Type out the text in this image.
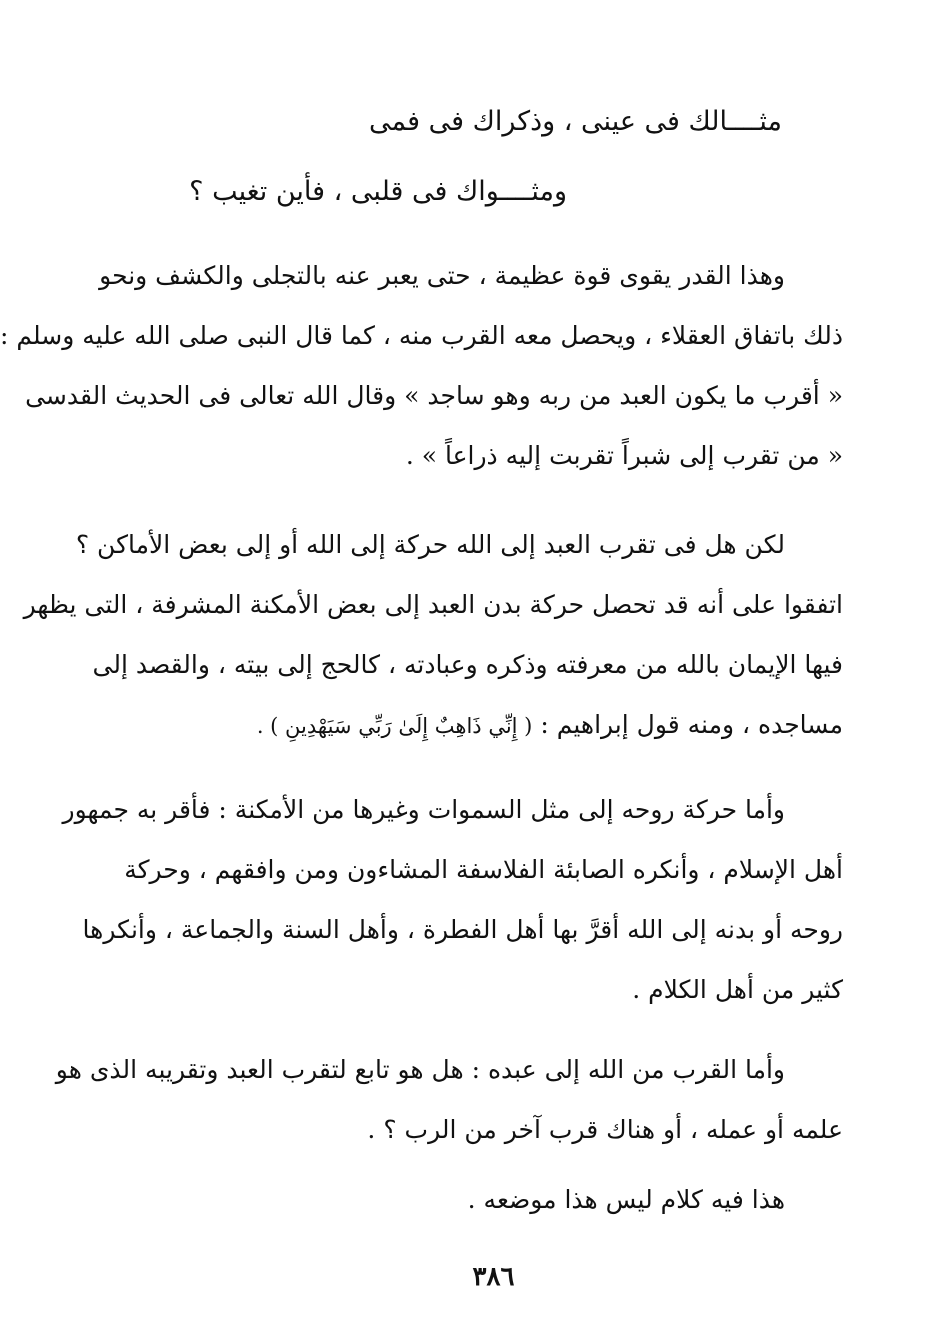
مثــــالك فى عينى ، وذكراك فى فمى
ومثــــواك فى قلبى ، فأين تغيب ؟
وهذا القدر يقوى قوة عظيمة ، حتى يعبر عنه بالتجلى والكشف ونحو
ذلك باتفاق العقلاء ، ويحصل معه القرب منه ، كما قال النبى صلى الله عليه وسلم :
« أقرب ما يكون العبد من ربه وهو ساجد » وقال الله تعالى فى الحديث القدسى
« من تقرب إلى شبراً تقربت إليه ذراعاً » .
لكن هل فى تقرب العبد إلى الله حركة إلى الله أو إلى بعض الأماكن ؟
اتفقوا على أنه قد تحصل حركة بدن العبد إلى بعض الأمكنة المشرفة ، التى يظهر
فيها الإيمان بالله من معرفته وذكره وعبادته ، كالحج إلى بيته ، والقصد إلى
مساجده ، ومنه قول إبراهيم : ( إِنِّي ذَاهِبٌ إِلَىٰ رَبِّي سَيَهْدِينِ ) .
وأما حركة روحه إلى مثل السموات وغيرها من الأمكنة : فأقر به جمهور
أهل الإسلام ، وأنكره الصابئة الفلاسفة المشاءون ومن وافقهم ، وحركة
روحه أو بدنه إلى الله أقرَّ بها أهل الفطرة ، وأهل السنة والجماعة ، وأنكرها
كثير من أهل الكلام .
وأما القرب من الله إلى عبده : هل هو تابع لتقرب العبد وتقريبه الذى هو
علمه أو عمله ، أو هناك قرب آخر من الرب ؟ .
هذا فيه كلام ليس هذا موضعه .
٣٨٦
